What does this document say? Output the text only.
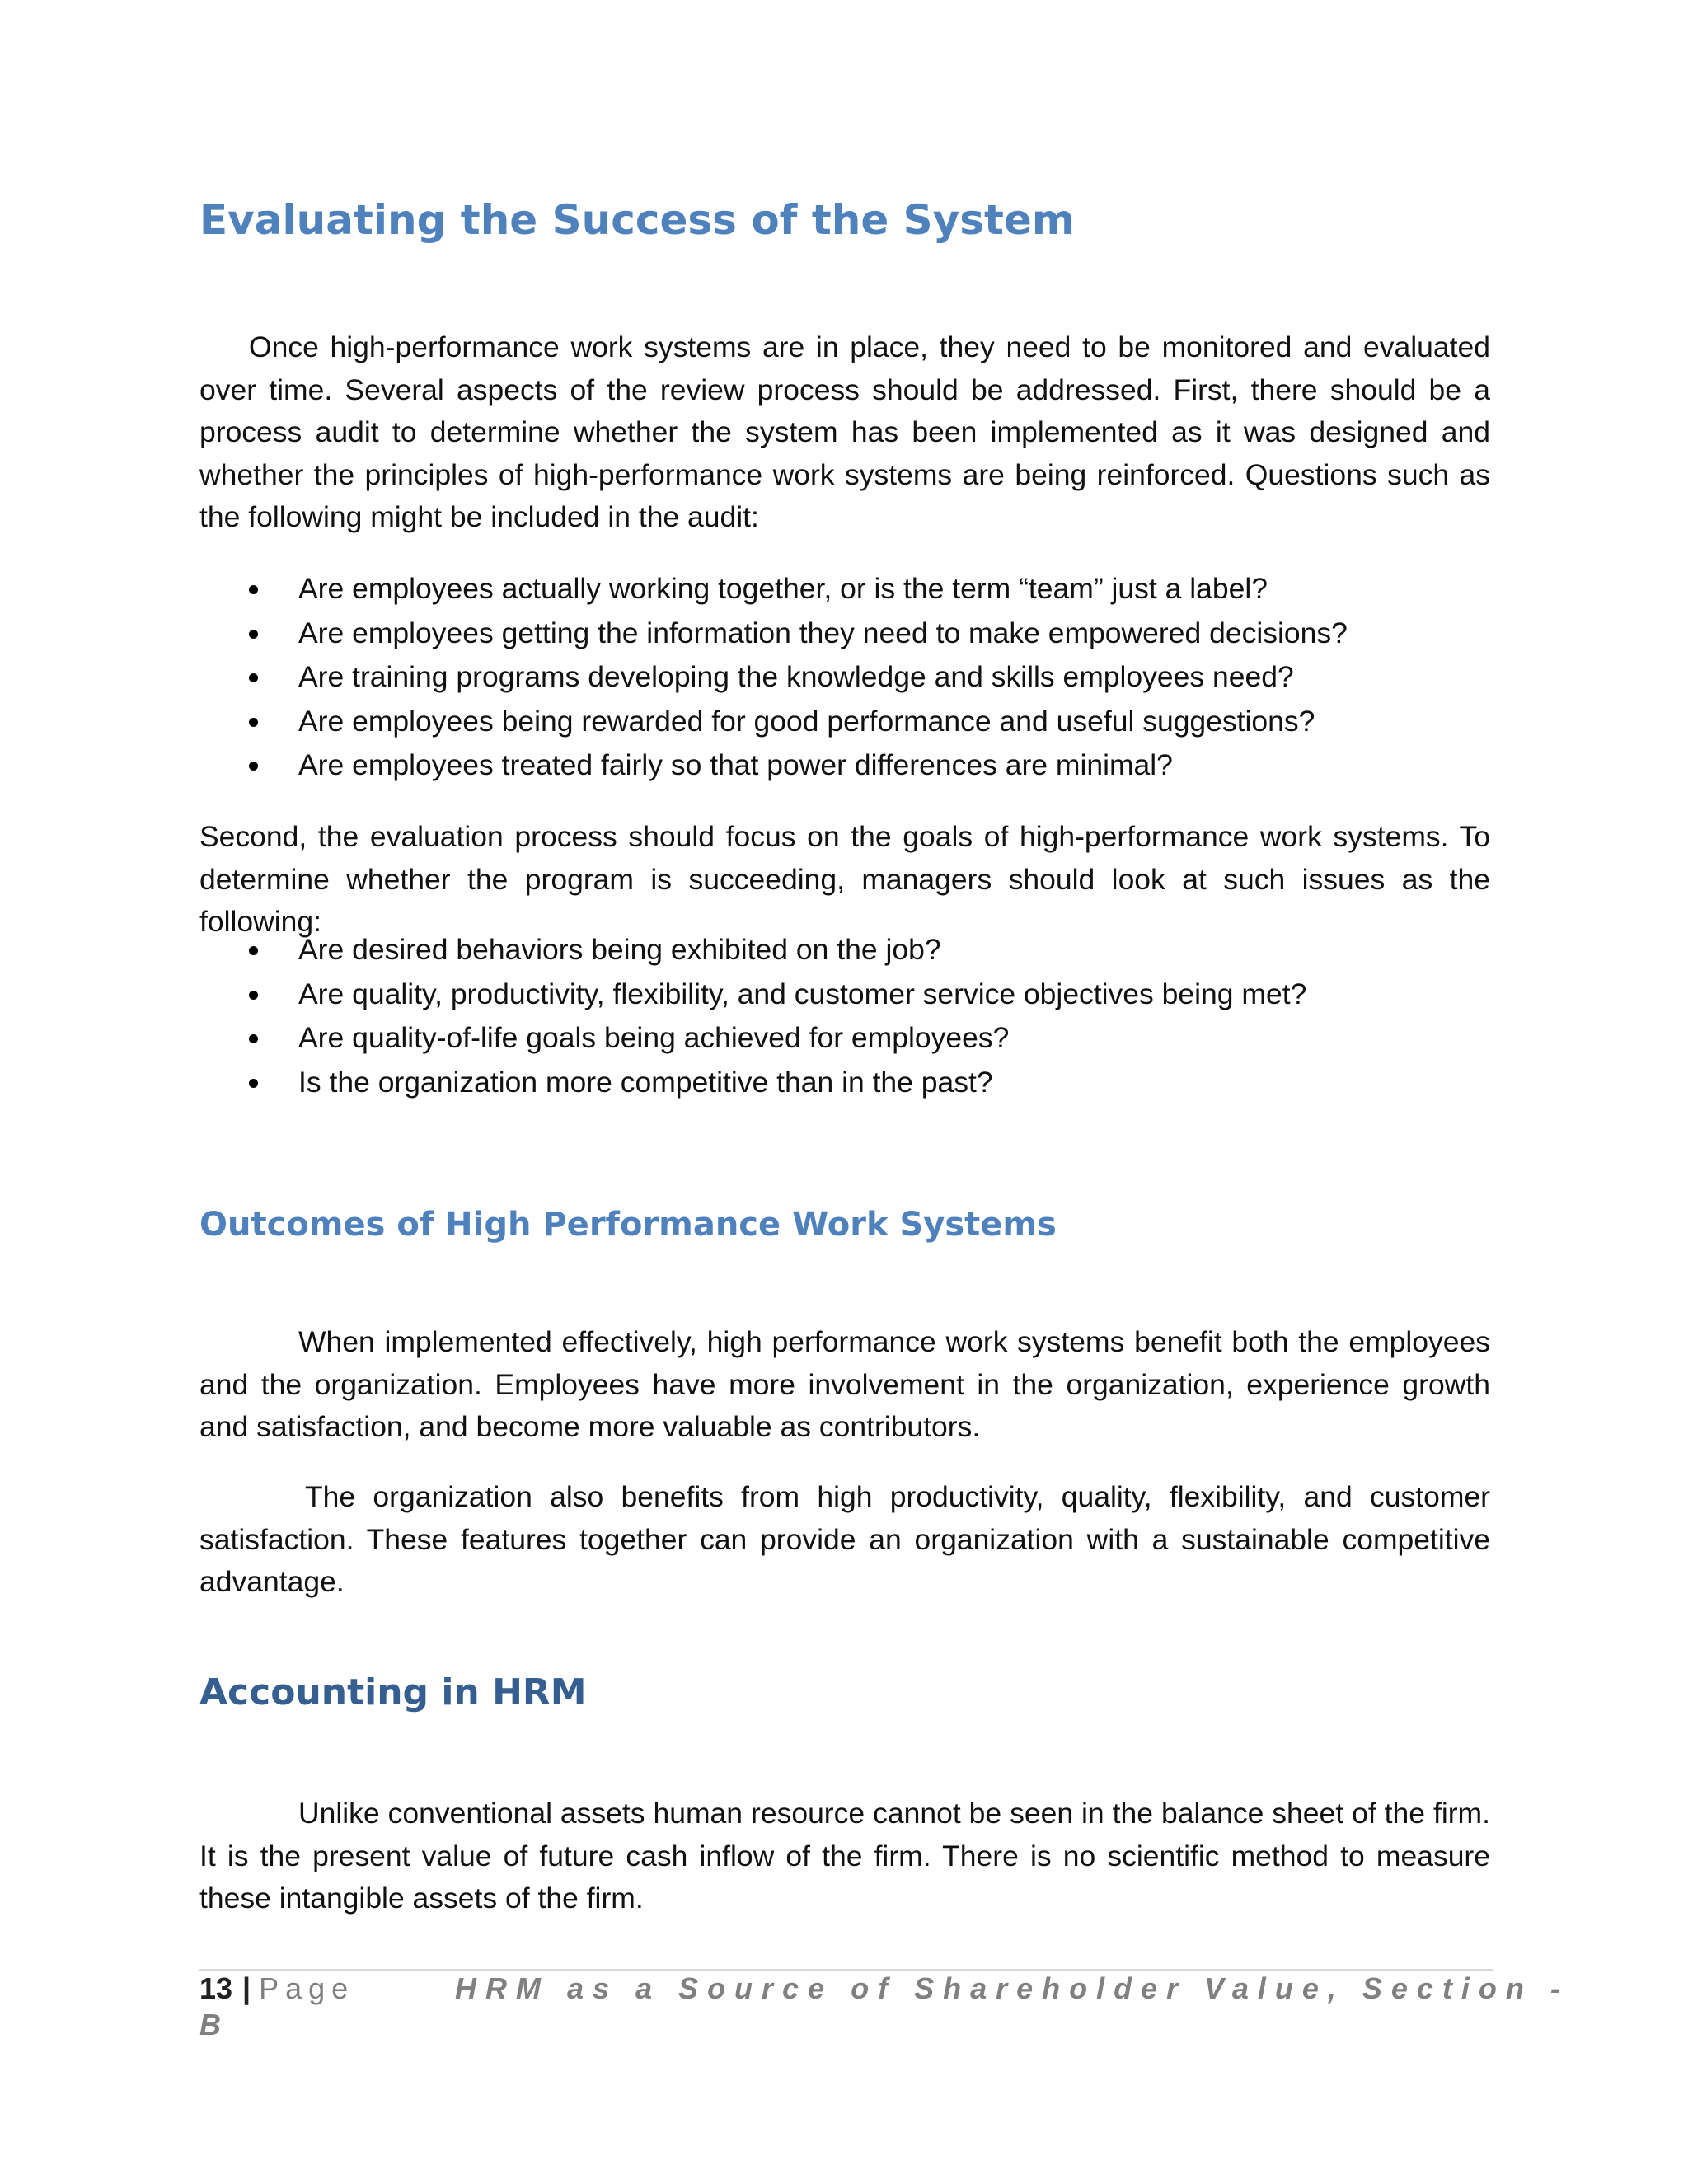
Evaluating the Success of the System

Once high-performance work systems are in place, they need to be monitored and evaluated over time. Several aspects of the review process should be addressed. First, there should be a process audit to determine whether the system has been implemented as it was designed and whether the principles of high-performance work systems are being reinforced. Questions such as the following might be included in the audit:

Are employees actually working together, or is the term “team” just a label?
Are employees getting the information they need to make empowered decisions?
Are training programs developing the knowledge and skills employees need?
Are employees being rewarded for good performance and useful suggestions?
Are employees treated fairly so that power differences are minimal?

Second, the evaluation process should focus on the goals of high-performance work systems. To determine whether the program is succeeding, managers should look at such issues as the following:

Are desired behaviors being exhibited on the job?
Are quality, productivity, flexibility, and customer service objectives being met?
Are quality-of-life goals being achieved for employees?
Is the organization more competitive than in the past?
Outcomes of High Performance Work Systems

When implemented effectively, high performance work systems benefit both the employees and the organization. Employees have more involvement in the organization, experience growth and satisfaction, and become more valuable as contributors.

The organization also benefits from high productivity, quality, flexibility, and customer satisfaction. These features together can provide an organization with a sustainable competitive advantage.

Accounting in HRM

Unlike conventional assets human resource cannot be seen in the balance sheet of the firm. It is the present value of future cash inflow of the firm. There is no scientific method to measure these intangible assets of the firm.

13 | Page	HRM as a Source of Shareholder Value, Section -
B
